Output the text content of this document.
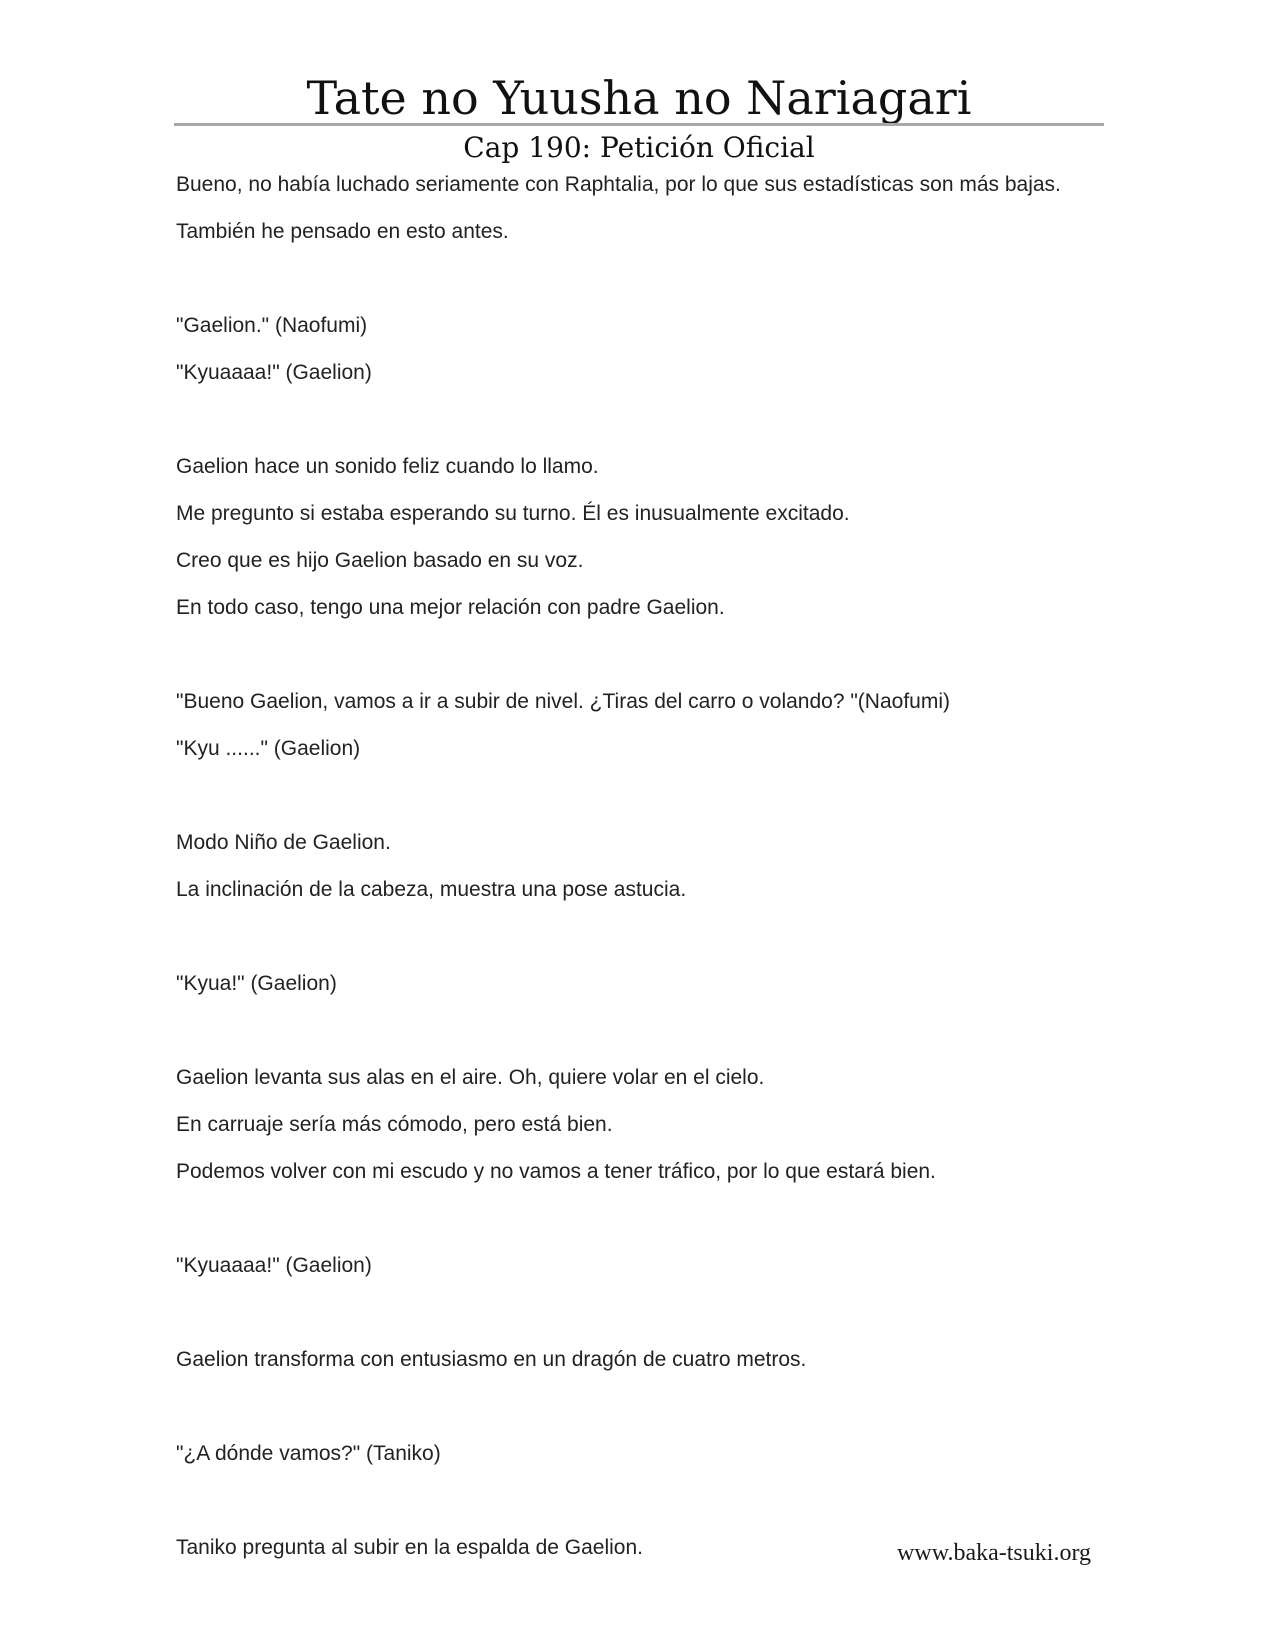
Tate no Yuusha no Nariagari
Cap 190: Petición Oficial

Bueno, no había luchado seriamente con Raphtalia, por lo que sus estadísticas son más bajas.

También he pensado en esto antes.

"Gaelion." (Naofumi)

"Kyuaaaa!" (Gaelion)

Gaelion hace un sonido feliz cuando lo llamo.

Me pregunto si estaba esperando su turno. Él es inusualmente excitado.

Creo que es hijo Gaelion basado en su voz.

En todo caso, tengo una mejor relación con padre Gaelion.

"Bueno Gaelion, vamos a ir a subir de nivel. ¿Tiras del carro o volando? "(Naofumi)

"Kyu ......" (Gaelion)

Modo Niño de Gaelion.

La inclinación de la cabeza, muestra una pose astucia.

"Kyua!" (Gaelion)

Gaelion levanta sus alas en el aire. Oh, quiere volar en el cielo.

En carruaje sería más cómodo, pero está bien.

Podemos volver con mi escudo y no vamos a tener tráfico, por lo que estará bien.

"Kyuaaaa!" (Gaelion)

Gaelion transforma con entusiasmo en un dragón de cuatro metros.

"¿A dónde vamos?" (Taniko)

Taniko pregunta al subir en la espalda de Gaelion.	www.baka-tsuki.org
